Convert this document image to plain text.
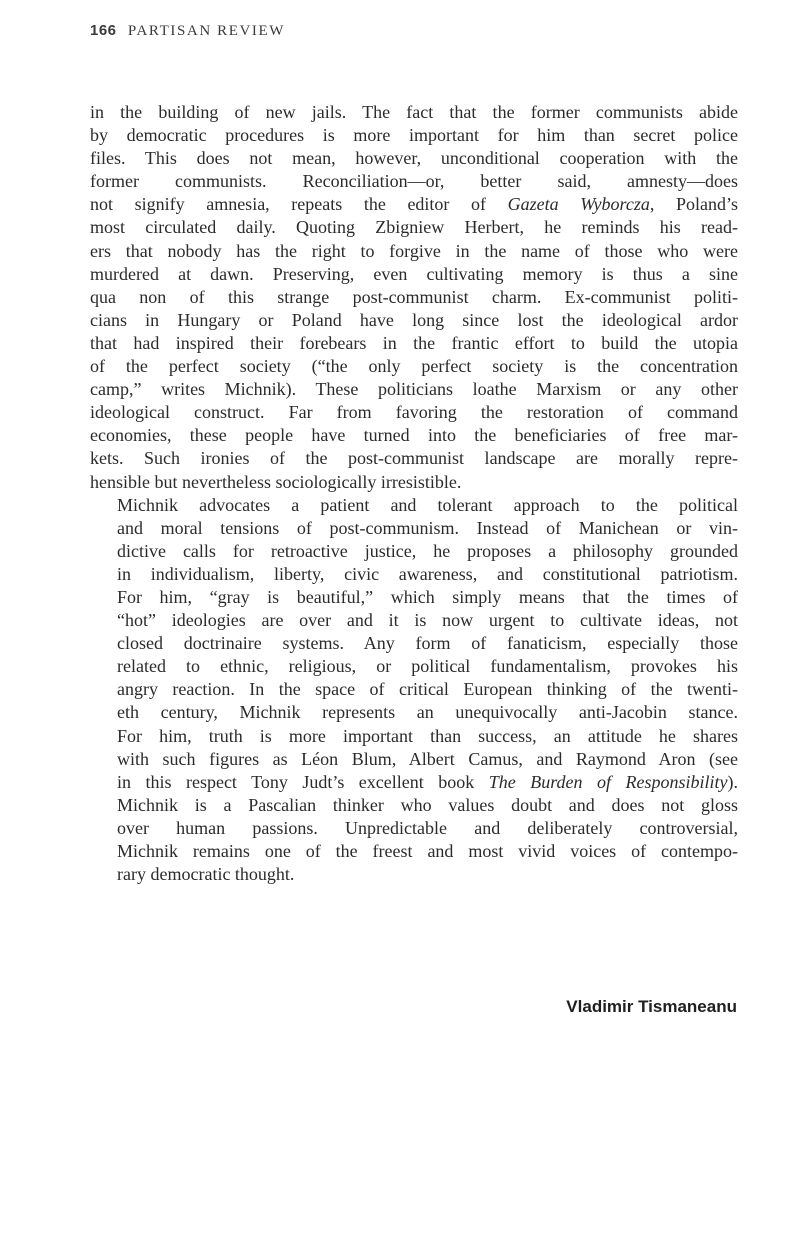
166 PARTISAN REVIEW

in the building of new jails. The fact that the former communists abide
by democratic procedures is more important for him than secret police
files. This does not mean, however, unconditional cooperation with the
former communists. Reconciliation—or, better said, amnesty—does
not signify amnesia, repeats the editor of Gazeta Wyborcza, Poland’s
most circulated daily. Quoting Zbigniew Herbert, he reminds his read-
ers that nobody has the right to forgive in the name of those who were
murdered at dawn. Preserving, even cultivating memory is thus a sine
qua non of this strange post-communist charm. Ex-communist politi-
cians in Hungary or Poland have long since lost the ideological ardor
that had inspired their forebears in the frantic effort to build the utopia
of the perfect society (“the only perfect society is the concentration
camp,” writes Michnik). These politicians loathe Marxism or any other
ideological construct. Far from favoring the restoration of command
economies, these people have turned into the beneficiaries of free mar-
kets. Such ironies of the post-communist landscape are morally repre-
hensible but nevertheless sociologically irresistible.

Michnik advocates a patient and tolerant approach to the political
and moral tensions of post-communism. Instead of Manichean or vin-
dictive calls for retroactive justice, he proposes a philosophy grounded
in individualism, liberty, civic awareness, and constitutional patriotism.
For him, “gray is beautiful,” which simply means that the times of
“hot” ideologies are over and it is now urgent to cultivate ideas, not
closed doctrinaire systems. Any form of fanaticism, especially those
related to ethnic, religious, or political fundamentalism, provokes his
angry reaction. In the space of critical European thinking of the twenti-
eth century, Michnik represents an unequivocally anti-Jacobin stance.
For him, truth is more important than success, an attitude he shares
with such figures as Léon Blum, Albert Camus, and Raymond Aron (see
in this respect Tony Judt’s excellent book The Burden of Responsibility).
Michnik is a Pascalian thinker who values doubt and does not gloss
over human passions. Unpredictable and deliberately controversial,
Michnik remains one of the freest and most vivid voices of contempo-
rary democratic thought.

Vladimir Tismaneanu
